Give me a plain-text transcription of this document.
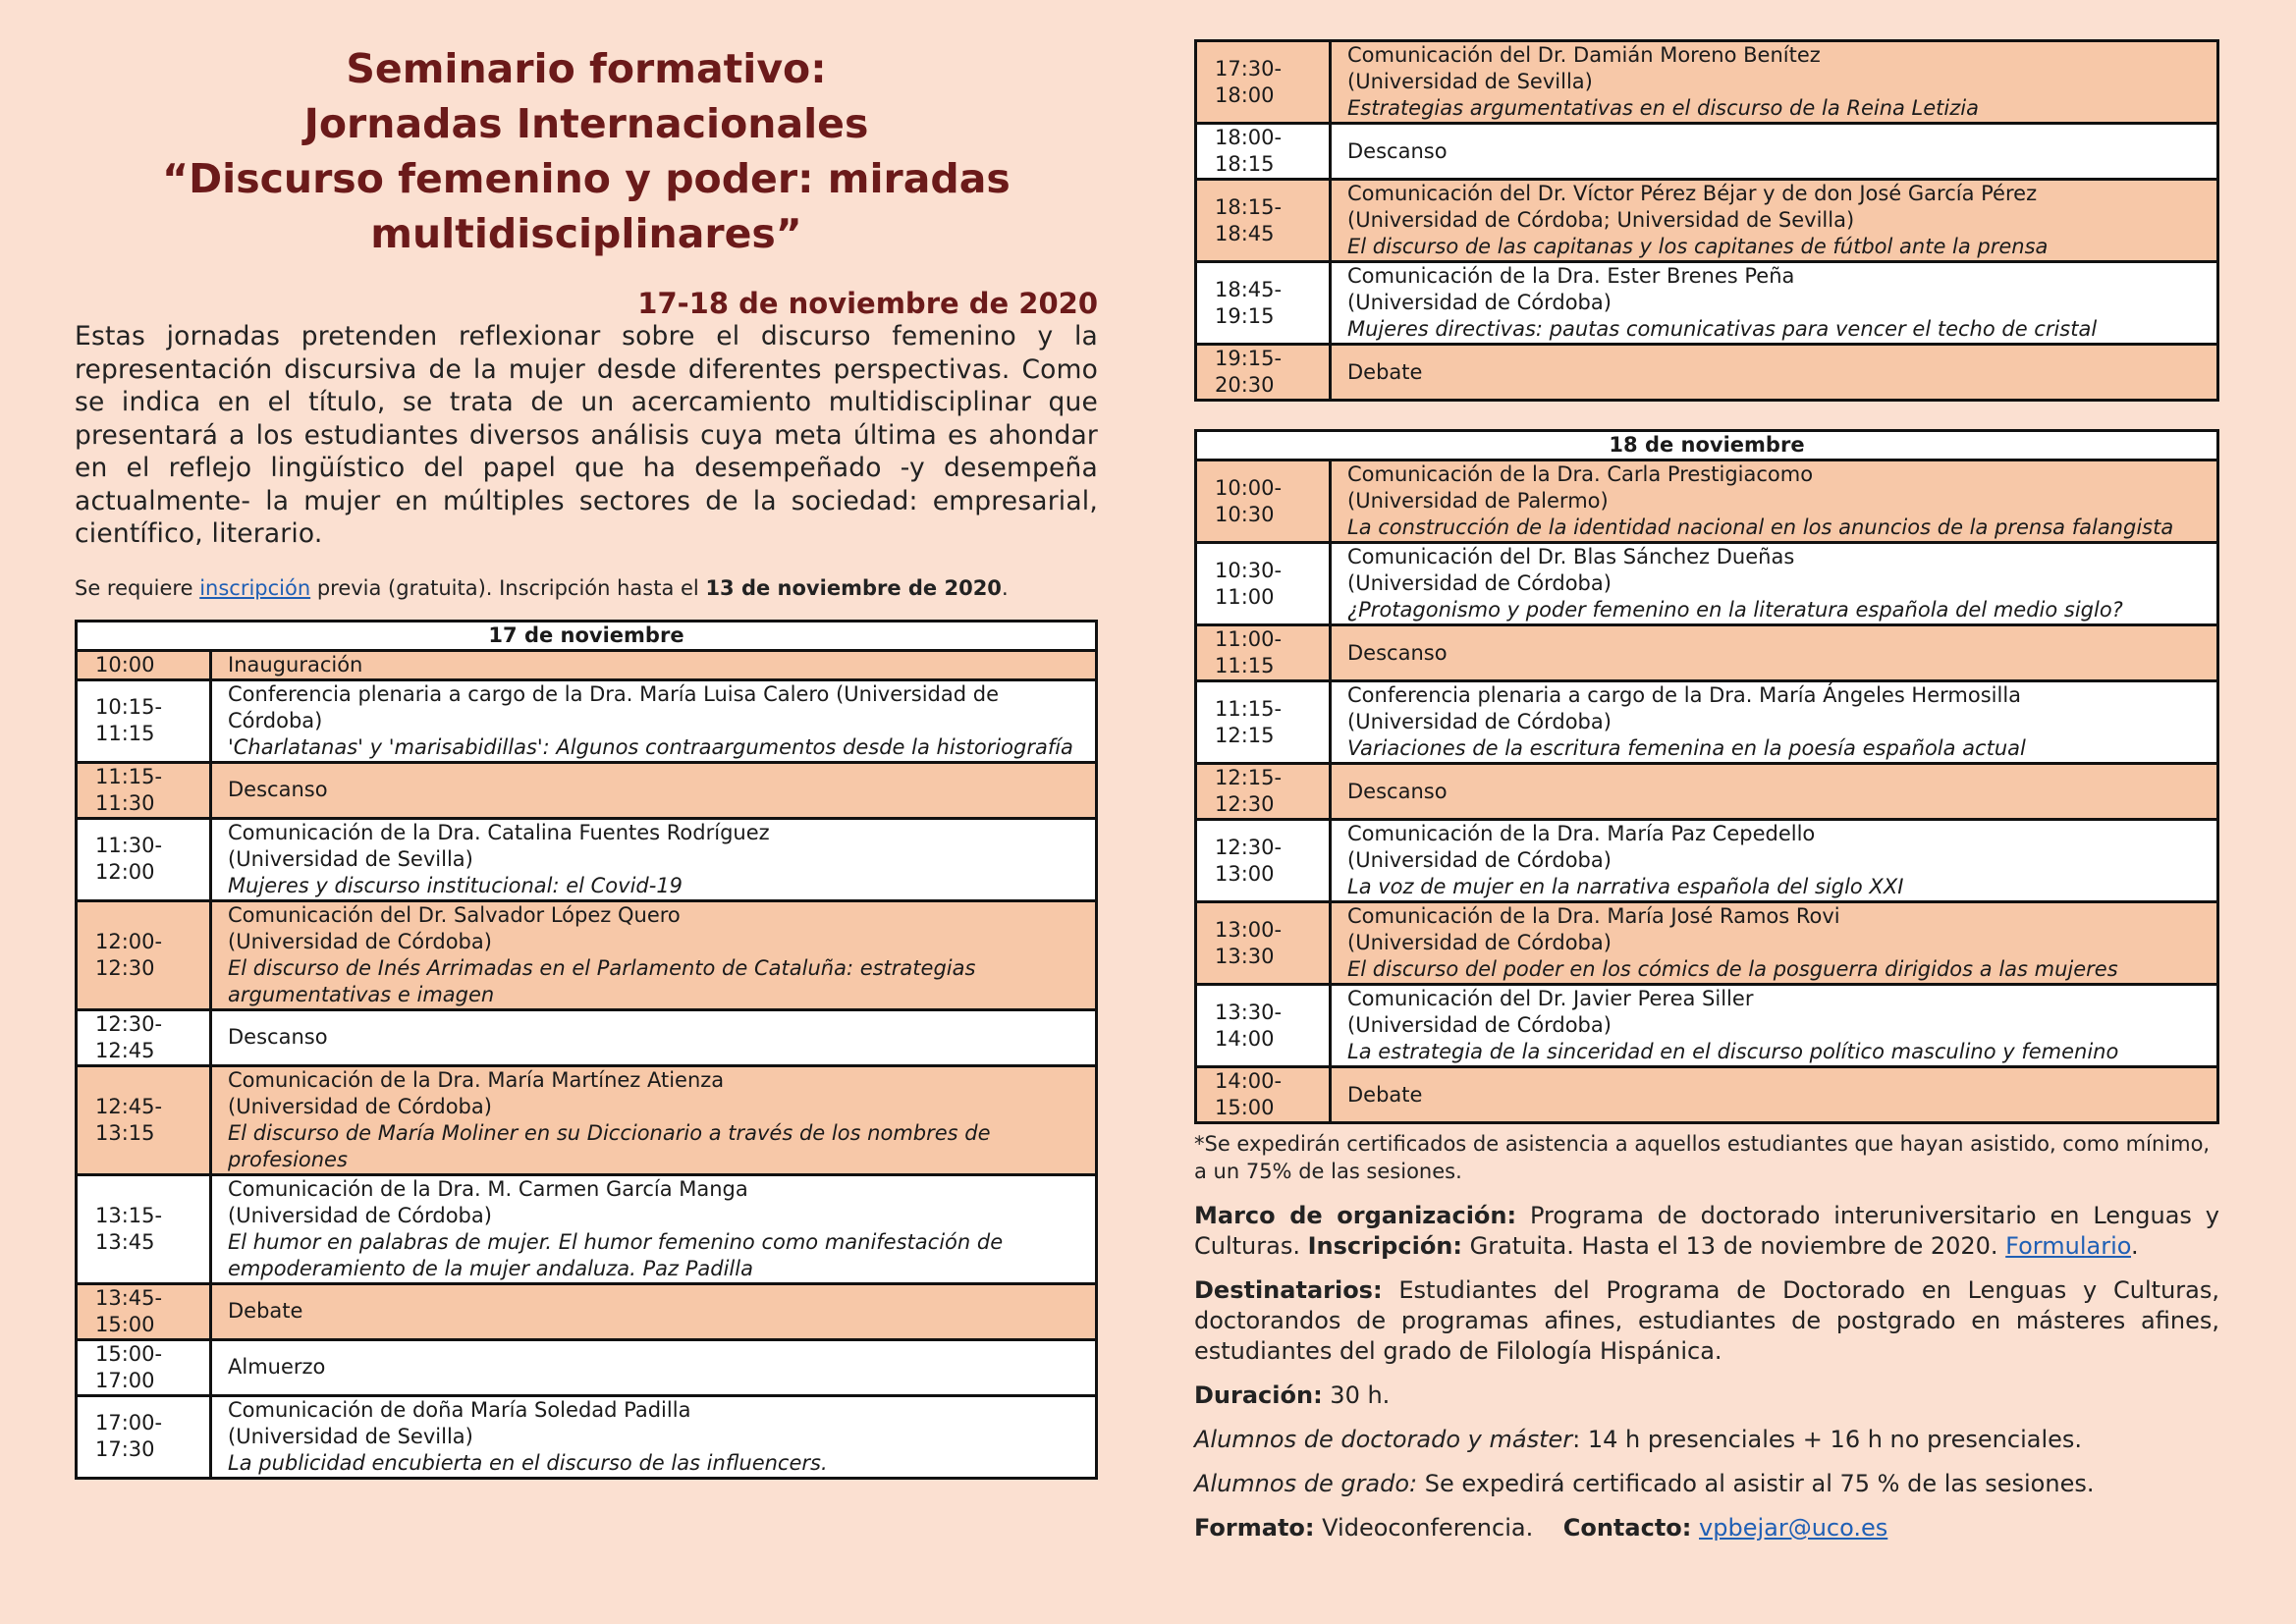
Seminario formativo:
Jornadas Internacionales
“Discurso femenino y poder: miradas
multidisciplinares”
17-18 de noviembre de 2020
Estas jornadas pretenden reflexionar sobre el discurso femenino y la representación discursiva de la mujer desde diferentes perspectivas. Como se indica en el título, se trata de un acercamiento multidisciplinar que presentará a los estudiantes diversos análisis cuya meta última es ahondar en el reflejo lingüístico del papel que ha desempeñado -y desempeña actualmente- la mujer en múltiples sectores de la sociedad: empresarial, científico, literario.
Se requiere inscripción previa (gratuita). Inscripción hasta el 13 de noviembre de 2020.
17 de noviembre	

10:00	Inauguración

10:15-
11:15	Conferencia plenaria a cargo de la Dra. María Luisa Calero (Universidad de Córdoba)
'Charlatanas' y 'marisabidillas': Algunos contraargumentos desde la historiografía

11:15-
11:30	Descanso

11:30-
12:00	Comunicación de la Dra. Catalina Fuentes Rodríguez
(Universidad de Sevilla)
Mujeres y discurso institucional: el Covid-19

12:00-
12:30	Comunicación del Dr. Salvador López Quero
(Universidad de Córdoba)
El discurso de Inés Arrimadas en el Parlamento de Cataluña: estrategias argumentativas e imagen

12:30-
12:45	Descanso

12:45-
13:15	Comunicación de la Dra. María Martínez Atienza
(Universidad de Córdoba)
El discurso de María Moliner en su Diccionario a través de los nombres de profesiones

13:15-
13:45	Comunicación de la Dra. M. Carmen García Manga
(Universidad de Córdoba)
El humor en palabras de mujer. El humor femenino como manifestación de empoderamiento de la mujer andaluza. Paz Padilla

13:45-
15:00	Debate

15:00-
17:00	Almuerzo

17:00-
17:30	Comunicación de doña María Soledad Padilla
(Universidad de Sevilla)
La publicidad encubierta en el discurso de las influencers.
17:30-
18:00	Comunicación del Dr. Damián Moreno Benítez
(Universidad de Sevilla)
Estrategias argumentativas en el discurso de la Reina Letizia

18:00-
18:15	Descanso

18:15-
18:45	Comunicación del Dr. Víctor Pérez Béjar y de don José García Pérez
(Universidad de Córdoba; Universidad de Sevilla)
El discurso de las capitanas y los capitanes de fútbol ante la prensa

18:45-
19:15	Comunicación de la Dra. Ester Brenes Peña
(Universidad de Córdoba)
Mujeres directivas: pautas comunicativas para vencer el techo de cristal

19:15-
20:30	Debate
18 de noviembre	

10:00-
10:30	Comunicación de la Dra. Carla Prestigiacomo
(Universidad de Palermo)
La construcción de la identidad nacional en los anuncios de la prensa falangista

10:30-
11:00	Comunicación del Dr. Blas Sánchez Dueñas
(Universidad de Córdoba)
¿Protagonismo y poder femenino en la literatura española del medio siglo?

11:00-
11:15	Descanso

11:15-
12:15	Conferencia plenaria a cargo de la Dra. María Ángeles Hermosilla
(Universidad de Córdoba)
Variaciones de la escritura femenina en la poesía española actual

12:15-
12:30	Descanso

12:30-
13:00	Comunicación de la Dra. María Paz Cepedello
(Universidad de Córdoba)
La voz de mujer en la narrativa española del siglo XXI

13:00-
13:30	Comunicación de la Dra. María José Ramos Rovi
(Universidad de Córdoba)
El discurso del poder en los cómics de la posguerra dirigidos a las mujeres

13:30-
14:00	Comunicación del Dr. Javier Perea Siller
(Universidad de Córdoba)
La estrategia de la sinceridad en el discurso político masculino y femenino

14:00-
15:00	Debate
*Se expedirán certificados de asistencia a aquellos estudiantes que hayan asistido, como mínimo, a un 75% de las sesiones.
Marco de organización: Programa de doctorado interuniversitario en Lenguas y Culturas. Inscripción: Gratuita. Hasta el 13 de noviembre de 2020. Formulario.
Destinatarios: Estudiantes del Programa de Doctorado en Lenguas y Culturas, doctorandos de programas afines, estudiantes de postgrado en másteres afines, estudiantes del grado de Filología Hispánica.
Duración: 30 h.
Alumnos de doctorado y máster: 14 h presenciales + 16 h no presenciales.
Alumnos de grado: Se expedirá certificado al asistir al 75 % de las sesiones.
Formato: Videoconferencia. Contacto: vpbejar@uco.es
